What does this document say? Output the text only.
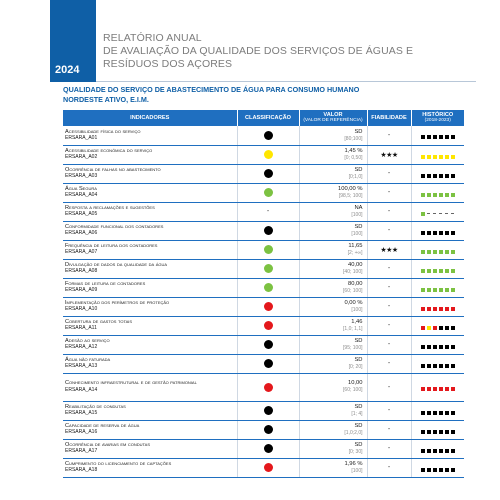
2024
RELATÓRIO ANUAL
DE AVALIAÇÃO DA QUALIDADE DOS SERVIÇOS DE ÁGUAS E
RESÍDUOS DOS AÇORES
QUALIDADE DO SERVIÇO DE ABASTECIMENTO DE ÁGUA PARA CONSUMO HUMANO
NORDESTE ATIVO, E.I.M.
INDICADORES	CLASSIFICAÇÃO	VALOR
(VALOR DE REFERÊNCIA)	FIABILIDADE	HISTÓRICO
(2018-2023)

Acessibilidade física do serviço
ERSARA_A01		SD
[80;100]	-	

Acessibilidade económica do serviço
ERSARA_A02		1,45 %
[0; 0,50]	★★★	

Ocorrência de falhas no abastecimento
ERSARA_A03		SD
[0;1,0]	-	

Água Segura
ERSARA_A04		100,00 %
[98,5; 100]	-	

Resposta a reclamações e sugestões
ERSARA_A05	-	NA
[100]	-	

Conformidade funcional dos contadores
ERSARA_A06		SD
[100]	-	

Frequência de leitura dos contadores
ERSARA_A07		11,65
[2; +∞]	★★★	

Divulgação de dados da qualidade da água
ERSARA_A08		40,00
[40; 100]	-	

Formas de leitura de contadores
ERSARA_A09		80,00
[60; 100]	-	

Implementação dos perímetros de proteção
ERSARA_A10		0,00 %
[100]	-	

Cobertura de gastos totais
ERSARA_A11		1,46
[1,0; 1,1]	-	

Adesão ao serviço
ERSARA_A12		SD
[95; 100]	-	

Água não faturada
ERSARA_A13		SD
[0; 20]	-	

Conhecimento infraestrutural e de gestão patrimonial
ERSARA_A14		10,00
[60; 100]	-	

Reabilitação de condutas
ERSARA_A15		SD
[1; 4]	-	

Capacidade de reserva de água
ERSARA_A16		SD
[1,0;2,0]	-	

Ocorrência de avarias em condutas
ERSARA_A17		SD
[0; 30]	-	

Cumprimento do licenciamento de captações
ERSARA_A18		1,96 %
[100]	-	
